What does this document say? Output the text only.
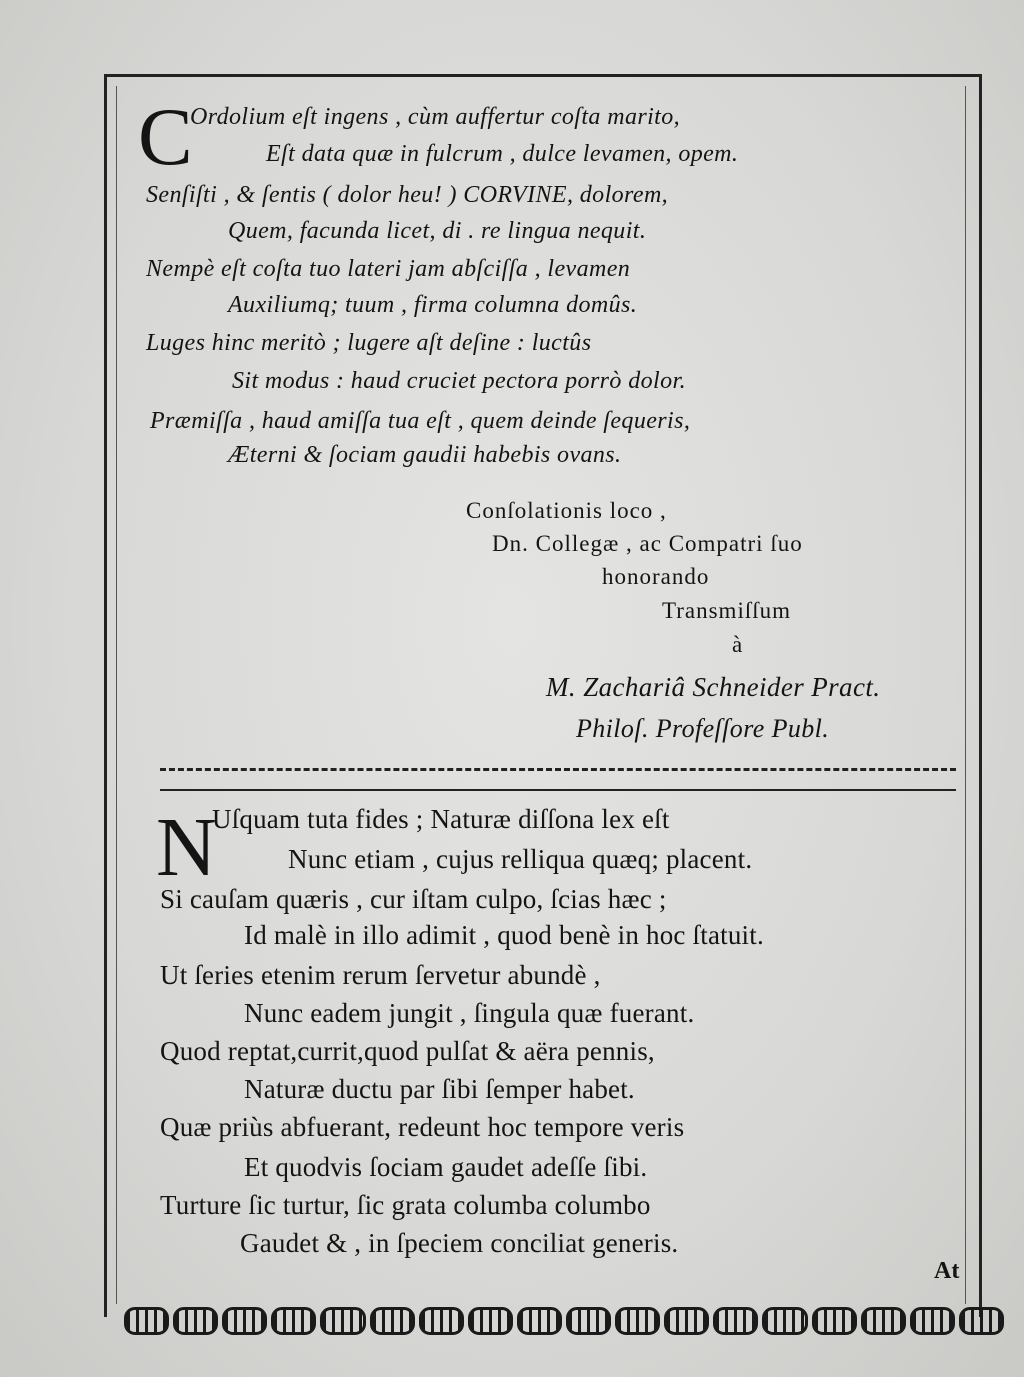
C
Ordolium eſt ingens , cùm auffertur coſta marito,
Eſt data quæ in fulcrum , dulce levamen, opem.
Senſiſti , & ſentis ( dolor heu! ) CORVINE, dolorem,
Quem, facunda licet, di . re lingua nequit.
Nempè eſt coſta tuo lateri jam abſciſſa , levamen
Auxiliumq; tuum , firma columna domûs.
Luges hinc meritò ; lugere aſt deſine : luctûs
Sit modus : haud cruciet pectora porrò dolor.
Præmiſſa , haud amiſſa tua eſt , quem deinde ſequeris,
Æterni & ſociam gaudii habebis ovans.
Conſolationis loco ,
Dn. Collegæ , ac Compatri ſuo
honorando
Transmiſſum
à
M. Zachariâ Schneider Pract.
Philoſ. Profeſſore Publ.
N
Uſquam tuta fides ; Naturæ diſſona lex eſt
Nunc etiam , cujus relliqua quæq; placent.
Si cauſam quæris , cur iſtam culpo, ſcias hæc ;
Id malè in illo adimit , quod benè in hoc ſtatuit.
Ut ſeries etenim rerum ſervetur abundè ,
Nunc eadem jungit , ſingula quæ fuerant.
Quod reptat,currit,quod pulſat & aëra pennis,
Naturæ ductu par ſibi ſemper habet.
Quæ priùs abfuerant, redeunt hoc tempore veris
Et quodvis ſociam gaudet adeſſe ſibi.
Turture ſic turtur, ſic grata columba columbo
Gaudet & , in ſpeciem conciliat generis.
At
